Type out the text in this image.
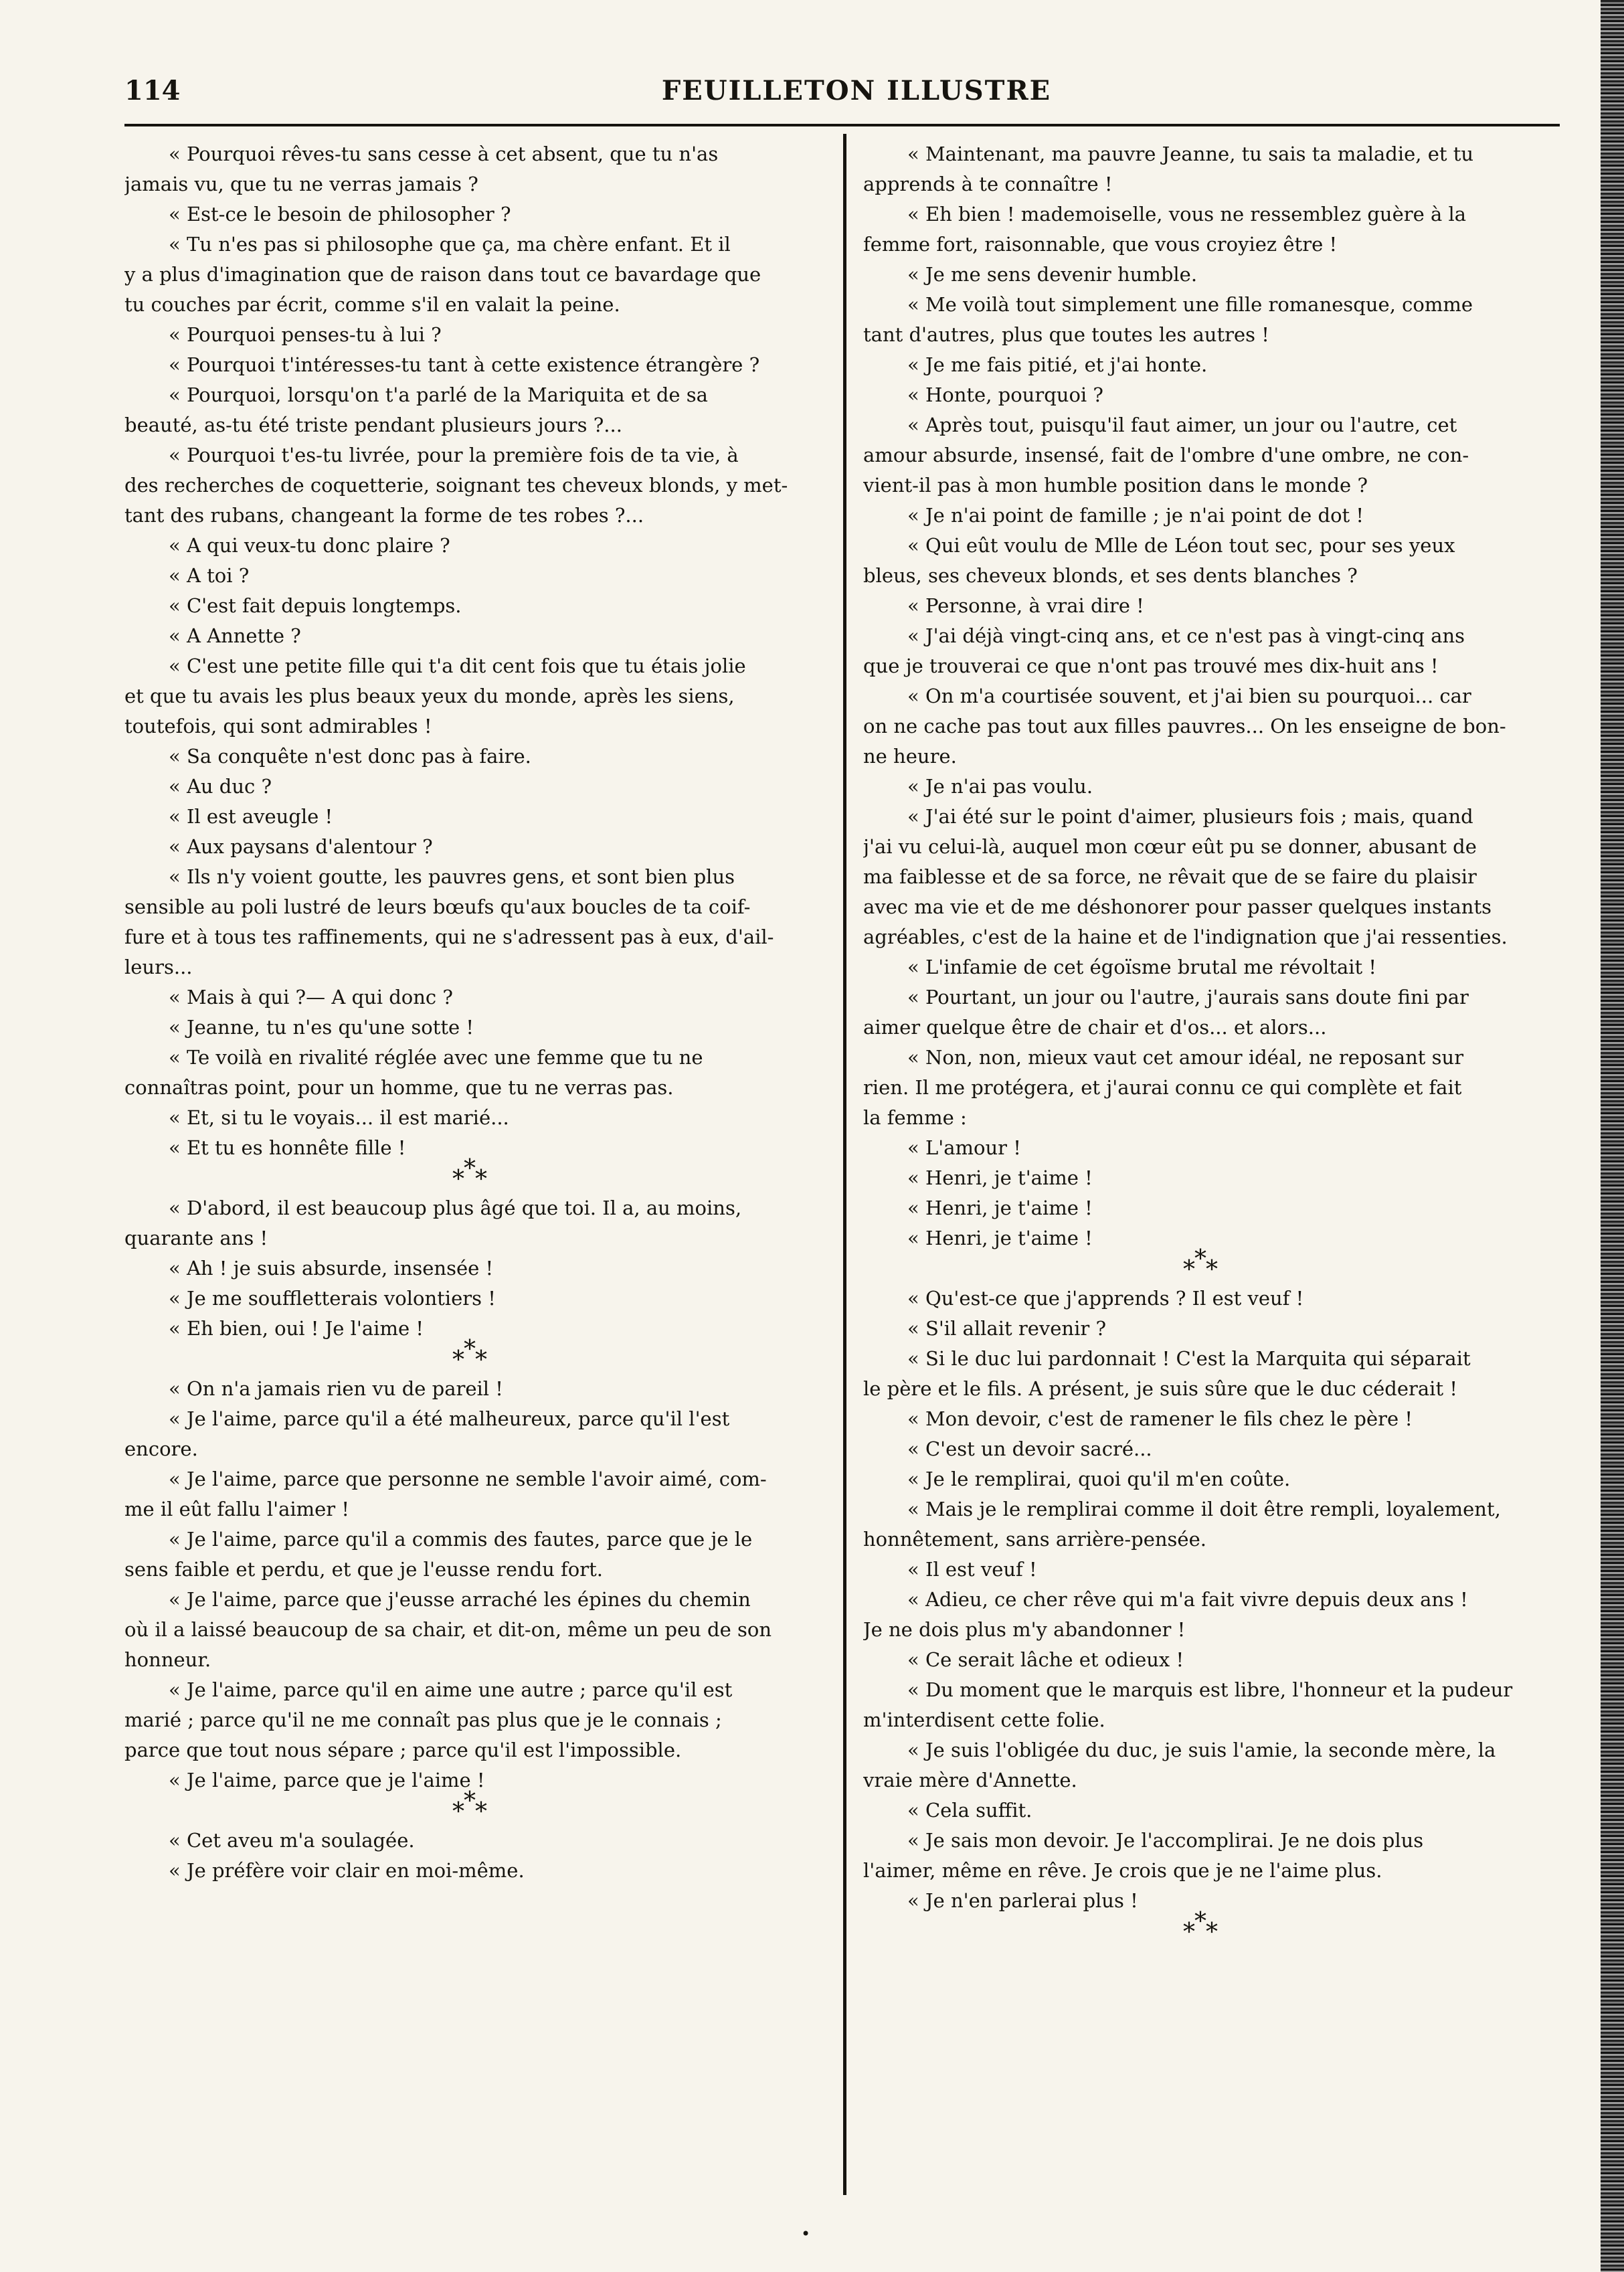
114	FEUILLETON ILLUSTRE
« Pourquoi rêves-tu sans cesse à cet absent, que tu n'as
jamais vu, que tu ne verras jamais ?
« Est-ce le besoin de philosopher ?
« Tu n'es pas si philosophe que ça, ma chère enfant. Et il
y a plus d'imagination que de raison dans tout ce bavardage que
tu couches par écrit, comme s'il en valait la peine.
« Pourquoi penses-tu à lui ?
« Pourquoi t'intéresses-tu tant à cette existence étrangère ?
« Pourquoi, lorsqu'on t'a parlé de la Mariquita et de sa
beauté, as-tu été triste pendant plusieurs jours ?...
« Pourquoi t'es-tu livrée, pour la première fois de ta vie, à
des recherches de coquetterie, soignant tes cheveux blonds, y met-
tant des rubans, changeant la forme de tes robes ?...
« A qui veux-tu donc plaire ?
« A toi ?
« C'est fait depuis longtemps.
« A Annette ?
« C'est une petite fille qui t'a dit cent fois que tu étais jolie
et que tu avais les plus beaux yeux du monde, après les siens,
toutefois, qui sont admirables !
« Sa conquête n'est donc pas à faire.
« Au duc ?
« Il est aveugle !
« Aux paysans d'alentour ?
« Ils n'y voient goutte, les pauvres gens, et sont bien plus
sensible au poli lustré de leurs bœufs qu'aux boucles de ta coif-
fure et à tous tes raffinements, qui ne s'adressent pas à eux, d'ail-
leurs...
« Mais à qui ?— A qui donc ?
« Jeanne, tu n'es qu'une sotte !
« Te voilà en rivalité réglée avec une femme que tu ne
connaîtras point, pour un homme, que tu ne verras pas.
« Et, si tu le voyais... il est marié...
« Et tu es honnête fille !
* * *
« D'abord, il est beaucoup plus âgé que toi. Il a, au moins,
quarante ans !
« Ah ! je suis absurde, insensée !
« Je me souffletterais volontiers !
« Eh bien, oui ! Je l'aime !
* * *
« On n'a jamais rien vu de pareil !
« Je l'aime, parce qu'il a été malheureux, parce qu'il l'est
encore.
« Je l'aime, parce que personne ne semble l'avoir aimé, com-
me il eût fallu l'aimer !
« Je l'aime, parce qu'il a commis des fautes, parce que je le
sens faible et perdu, et que je l'eusse rendu fort.
« Je l'aime, parce que j'eusse arraché les épines du chemin
où il a laissé beaucoup de sa chair, et dit-on, même un peu de son
honneur.
« Je l'aime, parce qu'il en aime une autre ; parce qu'il est
marié ; parce qu'il ne me connaît pas plus que je le connais ;
parce que tout nous sépare ; parce qu'il est l'impossible.
« Je l'aime, parce que je l'aime !
* * *
« Cet aveu m'a soulagée.
« Je préfère voir clair en moi-même.
« Maintenant, ma pauvre Jeanne, tu sais ta maladie, et tu
apprends à te connaître !
« Eh bien ! mademoiselle, vous ne ressemblez guère à la
femme fort, raisonnable, que vous croyiez être !
« Je me sens devenir humble.
« Me voilà tout simplement une fille romanesque, comme
tant d'autres, plus que toutes les autres !
« Je me fais pitié, et j'ai honte.
« Honte, pourquoi ?
« Après tout, puisqu'il faut aimer, un jour ou l'autre, cet
amour absurde, insensé, fait de l'ombre d'une ombre, ne con-
vient-il pas à mon humble position dans le monde ?
« Je n'ai point de famille ; je n'ai point de dot !
« Qui eût voulu de Mlle de Léon tout sec, pour ses yeux
bleus, ses cheveux blonds, et ses dents blanches ?
« Personne, à vrai dire !
« J'ai déjà vingt-cinq ans, et ce n'est pas à vingt-cinq ans
que je trouverai ce que n'ont pas trouvé mes dix-huit ans !
« On m'a courtisée souvent, et j'ai bien su pourquoi... car
on ne cache pas tout aux filles pauvres... On les enseigne de bon-
ne heure.
« Je n'ai pas voulu.
« J'ai été sur le point d'aimer, plusieurs fois ; mais, quand
j'ai vu celui-là, auquel mon cœur eût pu se donner, abusant de
ma faiblesse et de sa force, ne rêvait que de se faire du plaisir
avec ma vie et de me déshonorer pour passer quelques instants
agréables, c'est de la haine et de l'indignation que j'ai ressenties.
« L'infamie de cet égoïsme brutal me révoltait !
« Pourtant, un jour ou l'autre, j'aurais sans doute fini par
aimer quelque être de chair et d'os... et alors...
« Non, non, mieux vaut cet amour idéal, ne reposant sur
rien. Il me protégera, et j'aurai connu ce qui complète et fait
la femme :
« L'amour !
« Henri, je t'aime !
« Henri, je t'aime !
« Henri, je t'aime !
* * *
« Qu'est-ce que j'apprends ? Il est veuf !
« S'il allait revenir ?
« Si le duc lui pardonnait ! C'est la Marquita qui séparait
le père et le fils. A présent, je suis sûre que le duc céderait !
« Mon devoir, c'est de ramener le fils chez le père !
« C'est un devoir sacré...
« Je le remplirai, quoi qu'il m'en coûte.
« Mais je le remplirai comme il doit être rempli, loyalement,
honnêtement, sans arrière-pensée.
« Il est veuf !
« Adieu, ce cher rêve qui m'a fait vivre depuis deux ans !
Je ne dois plus m'y abandonner !
« Ce serait lâche et odieux !
« Du moment que le marquis est libre, l'honneur et la pudeur
m'interdisent cette folie.
« Je suis l'obligée du duc, je suis l'amie, la seconde mère, la
vraie mère d'Annette.
« Cela suffit.
« Je sais mon devoir. Je l'accomplirai. Je ne dois plus
l'aimer, même en rêve. Je crois que je ne l'aime plus.
« Je n'en parlerai plus !
* * *
•
